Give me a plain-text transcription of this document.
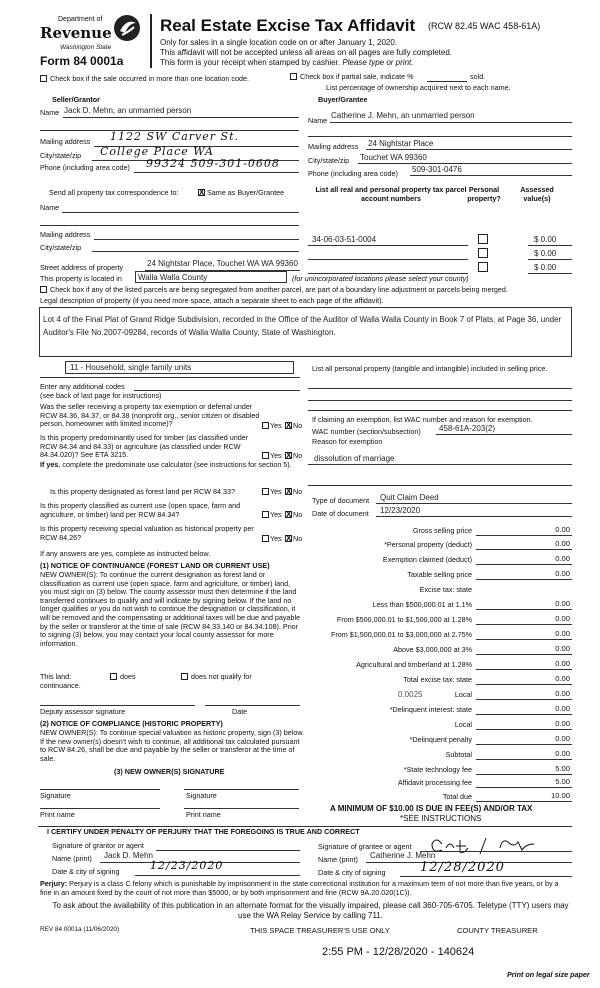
Department of
Revenue
Washington State
Form 84 0001a
Real Estate Excise Tax Affidavit (RCW 82.45 WAC 458-61A)
Only for sales in a single location code on or after January 1, 2020.
This affidavit will not be accepted unless all areas on all pages are fully completed.
This form is your receipt when stamped by cashier. Please type or print.
Check box if the sale occurred in more than one location code.	Check box if partial sale, indicate %	sold.
List percentage of ownership acquired next to each name.
Seller/Grantor
Name Jack D. Mehn, an unmarried person
Mailing address 1122 SW Carver St.
City/state/zip College Place WA
Phone (including area code) 99324 509-301-0608
Buyer/Grantee
Name
Catherine J. Mehn, an unmarried person
Mailing address 24 Nightstar Place
City/state/zip Touchet WA 99360
Phone (including area code) 509-301-0476
Send all property tax correspondence to:	X Same as Buyer/Grantee
Name
Mailing address
City/state/zip
List all real and personal property tax parcel account numbers
Personal property?
Assessed value(s)
34-06-03-51-0004	$ 0.00
$ 0.00
$ 0.00
Street address of property	24 Nightstar Place, Touchet WA WA 99360
This property is located in	Walla Walla County	(for unincorporated locations please select your county)
Check box if any of the listed parcels are being segregated from another parcel, are part of a boundary line adjustment or parcels being merged.
Legal description of property (if you need more space, attach a separate sheet to each page of the affidavit).
Lot 4 of the Final Plat of Grand Ridge Subdivision, recorded in the Office of the Auditor of Walla Walla County in Book 7 of Plats, at Page 36, under Auditor's File No.2007-09284, records of Walla Walla County, State of Washington.
11 - Household, single family units	List all personal property (tangible and intangible) included in selling price.
Enter any additional codes
(see back of last page for instructions)
Was the seller receiving a property tax exemption or deferral under RCW 84.36, 84.37, or 84.38 (nonprofit org., senior citizen or disabled person, homeowner with limited income)?	Yes X No
Is this property predominantly used for timber (as classified under RCW 84.34 and 84.33) or agriculture (as classified under RCW 84.34.020)? See ETA 3215.
If yes, complete the predominate use calculator (see instructions for section 5).
Yes X No
Is this property designated as forest land per RCW 84.33?	Yes X No
Is this property classified as current use (open space, farm and agriculture, or timber) land per RCW 84.34?	Yes X No
Is this property receiving special valuation as historical property per RCW 84.26?	Yes X No
If any answers are yes, complete as instructed below.
(1) NOTICE OF CONTINUANCE (FOREST LAND OR CURRENT USE)
NEW OWNER(S): To continue the current designation as forest land or classification as current use (open space, farm and agriculture, or timber) land, you must sign on (3) below. The county assessor must then determine if the land transferred continues to qualify and will indicate by signing below. If the land no longer qualifies or you do not wish to continue the designation or classification, it will be removed and the compensating or additional taxes will be due and payable by the seller or transferor at the time of sale (RCW 84.33.140 or 84.34.108). Prior to signing (3) below, you may contact your local county assessor for more information.
This land:	does	does not qualify for
continuance.
Deputy assessor signature	Date
(2) NOTICE OF COMPLIANCE (HISTORIC PROPERTY)
NEW OWNER(S): To continue special valuation as historic property, sign (3) below. If the new owner(s) doesn't wish to continue, all additional tax calculated pursuant to RCW 84.26, shall be due and payable by the seller or transferor at the time of sale.
(3) NEW OWNER(S) SIGNATURE
Signature	Signature
Print name	Print name
If claiming an exemption, list WAC number and reason for exemption.
WAC number (section/subsection) 458-61A-203(2)
Reason for exemption
dissolution of marriage
Type of document Quit Claim Deed
Date of document 12/23/2020
Gross selling price	0.00
*Personal property (deduct)	0.00
Exemption claimed (deduct)	0.00
Taxable selling price	0.00
Excise tax: state
Less than $500,000.01 at 1.1%	0.00
From $500,000.01 to $1,500,000 at 1.28%	0.00
From $1,500,000.01 to $3,000,000 at 2.75%	0.00
Above $3,000,000 at 3%	0.00
Agricultural and timberland at 1.28%	0.00
Total excise tax: state	0.00
0.0025	Local	0.00
*Delinquent interest: state	0.00
Local	0.00
*Delinquent penalty	0.00
Subtotal	0.00
*State technology fee	5.00
Affidavit processing fee	5.00
Total due	10.00
A MINIMUM OF $10.00 IS DUE IN FEE(S) AND/OR TAX
*SEE INSTRUCTIONS
I CERTIFY UNDER PENALTY OF PERJURY THAT THE FOREGOING IS TRUE AND CORRECT
Signature of grantor or agent
Name (print) Jack D. Mehn
Date & city of signing	12/23/2020
Signature of grantee or agent
Name (print) Catherine J. Mehn
Date & city of signing	12/28/2020
Perjury: Perjury is a class C felony which is punishable by imprisonment in the state correctional institution for a maximum term of not more than five years, or by a fine in an amount fixed by the court of not more than $5000, or by both imprisonment and fine (RCW 9A.20.020(1C)).
To ask about the availability of this publication in an alternate format for the visually impaired, please call 360-705-6705. Teletype (TTY) users may use the WA Relay Service by calling 711.
REV 84 0001a (11/06/2020)	THIS SPACE TREASURER'S USE ONLY	COUNTY TREASURER
2:55 PM - 12/28/2020 - 140624
Print on legal size paper
